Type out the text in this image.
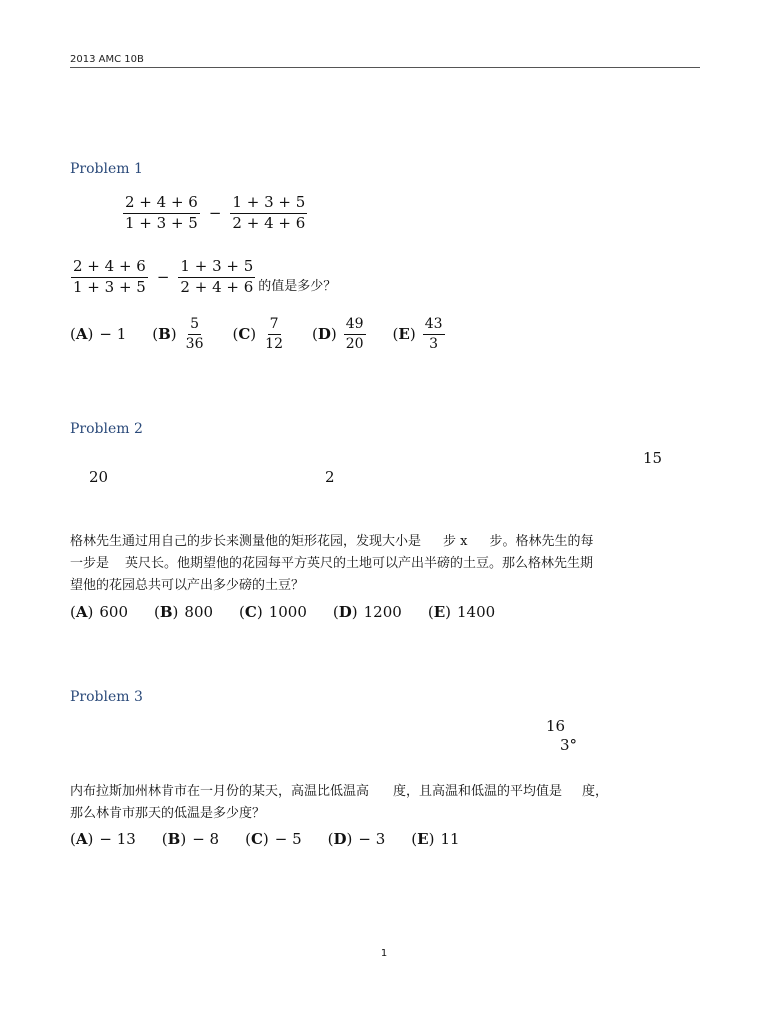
2013 AMC 10B
Problem 1
$\frac{2 + 4 + 6}{1 + 3 + 5} - \frac{1 + 3 + 5}{2 + 4 + 6}$
$\frac{2 + 4 + 6}{1 + 3 + 5} - \frac{1 + 3 + 5}{2 + 4 + 6}$ 的值是多少？
(A) − 1 $(B) \frac{5}{36} (C) \frac{7}{12} (D) \frac{49}{20} (E) \frac{43}{3}$
Problem 2
15
20	2
格林先生通过用自己的步长来测量他的矩形花园，发现大小是 步 x 步。格林先生的每
一步是 英尺长。他期望他的花园每平方英尺的土地可以产出半磅的土豆。那么格林先生期
望他的花园总共可以产出多少磅的土豆？
(A) 600 (B) 800 (C) 1000 (D) 1200 (E) 1400
Problem 3
16
3°
内布拉斯加州林肯市在一月份的某天，高温比低温高 度，且高温和低温的平均值是 度，
那么林肯市那天的低温是多少度？
(A) − 13 (B) − 8 (C) − 5 (D) − 3 (E) 11
1
